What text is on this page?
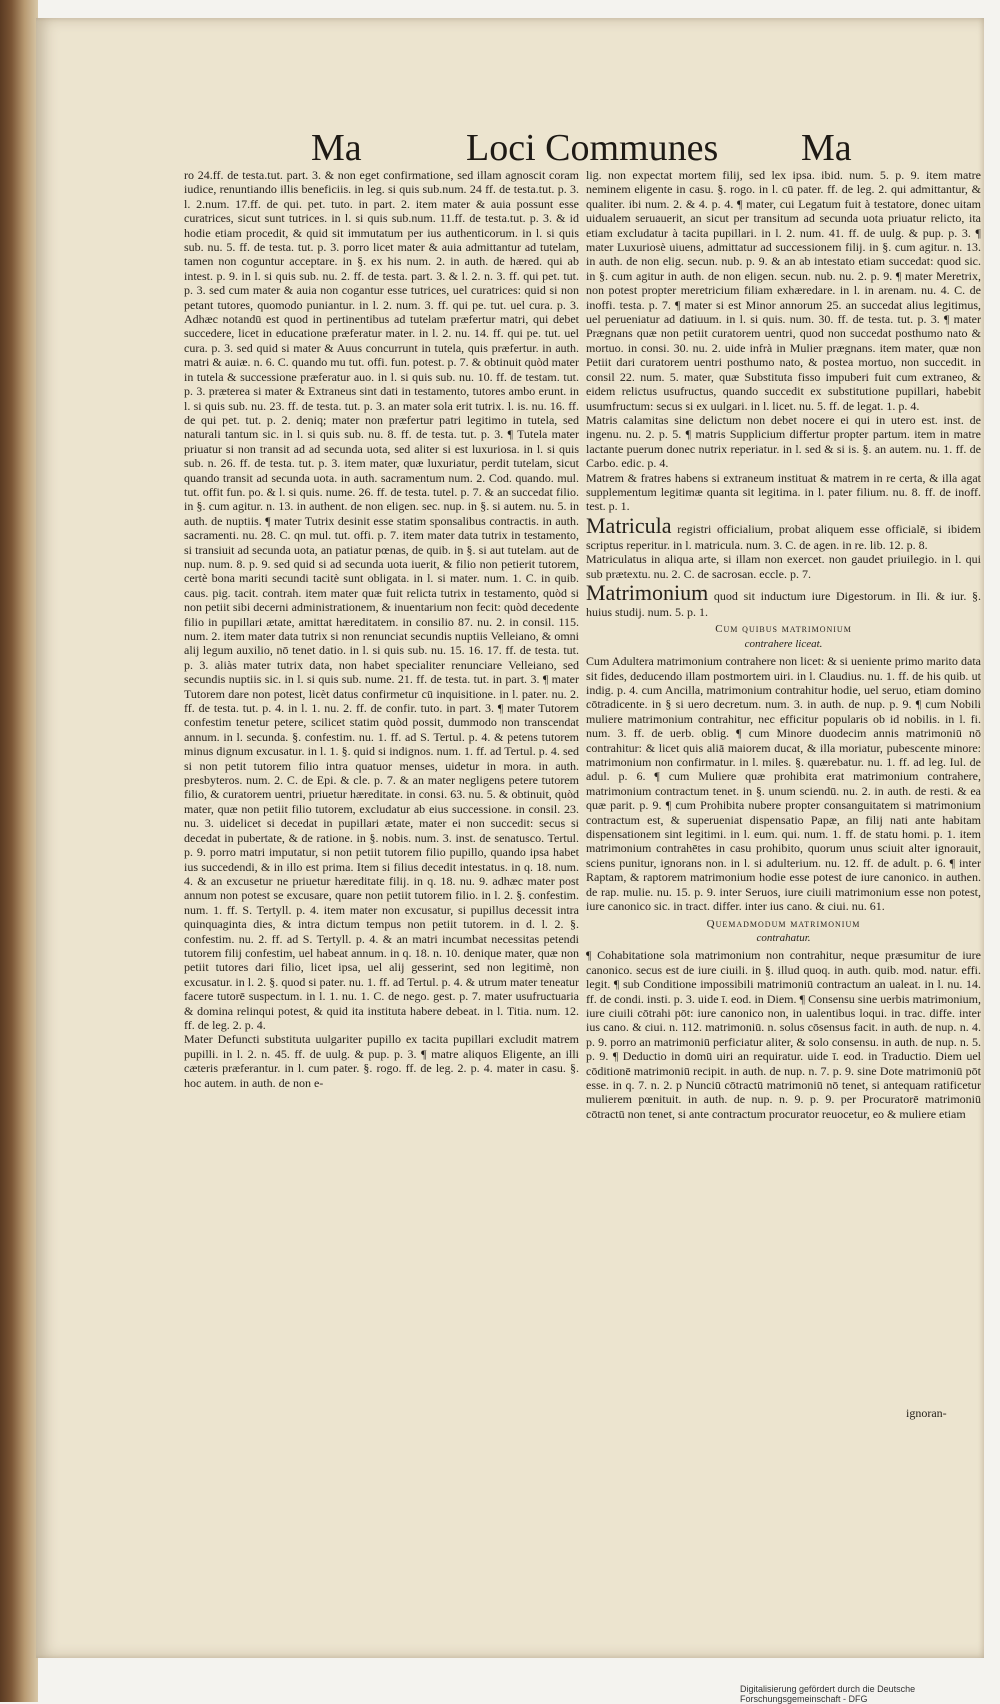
Ma	Loci Communes Ma

ro 24.ff. de testa.tut. part. 3. & non eget confirmatione, sed illam agnoscit coram iudice, renuntiando illis beneficiis. in leg. si quis sub.num. 24 ff. de testa.tut. p. 3. l. 2.num. 17.ff. de qui. pet. tuto. in part. 2. item mater & auia possunt esse curatrices, sicut sunt tutrices. in l. si quis sub.num. 11.ff. de testa.tut. p. 3. & id hodie etiam procedit, & quid sit immutatum per ius authenticorum. in l. si quis sub. nu. 5. ff. de testa. tut. p. 3. porro licet mater & auia admittantur ad tutelam, tamen non coguntur acceptare. in §. ex his num. 2. in auth. de hæred. qui ab intest. p. 9. in l. si quis sub. nu. 2. ff. de testa. part. 3. & l. 2. n. 3. ff. qui pet. tut. p. 3. sed cum mater & auia non cogantur esse tutrices, uel curatrices: quid si non petant tutores, quomodo puniantur. in l. 2. num. 3. ff. qui pe. tut. uel cura. p. 3. Adhæc notandū est quod in pertinentibus ad tutelam præfertur matri, qui debet succedere, licet in educatione præferatur mater. in l. 2. nu. 14. ff. qui pe. tut. uel cura. p. 3. sed quid si mater & Auus concurrunt in tutela, quis præfertur. in auth. matri & auiæ. n. 6. C. quando mu tut. offi. fun. potest. p. 7. & obtinuit quòd mater in tutela & successione præferatur auo. in l. si quis sub. nu. 10. ff. de testam. tut. p. 3. præterea si mater & Extraneus sint dati in testamento, tutores ambo erunt. in l. si quis sub. nu. 23. ff. de testa. tut. p. 3. an mater sola erit tutrix. l. is. nu. 16. ff. de qui pet. tut. p. 2. deniq; mater non præfertur patri legitimo in tutela, sed naturali tantum sic. in l. si quis sub. nu. 8. ff. de testa. tut. p. 3. ¶ Tutela mater priuatur si non transit ad ad secunda uota, sed aliter si est luxuriosa. in l. si quis sub. n. 26. ff. de testa. tut. p. 3. item mater, quæ luxuriatur, perdit tutelam, sicut quando transit ad secunda uota. in auth. sacramentum num. 2. Cod. quando. mul. tut. offit fun. po. & l. si quis. nume. 26. ff. de testa. tutel. p. 7. & an succedat filio. in §. cum agitur. n. 13. in authent. de non eligen. sec. nup. in §. si autem. nu. 5. in auth. de nuptiis. ¶ mater Tutrix desinit esse statim sponsalibus contractis. in auth. sacramenti. nu. 28. C. qn mul. tut. offi. p. 7. item mater data tutrix in testamento, si transiuit ad secunda uota, an patiatur pœnas, de quib. in §. si aut tutelam. aut de nup. num. 8. p. 9. sed quid si ad secunda uota iuerit, & filio non petierit tutorem, certè bona mariti secundi tacitè sunt obligata. in l. si mater. num. 1. C. in quib. caus. pig. tacit. contrah. item mater quæ fuit relicta tutrix in testamento, quòd si non petiit sibi decerni administrationem, & inuentarium non fecit: quòd decedente filio in pupillari ætate, amittat hæreditatem. in consilio 87. nu. 2. in consil. 115. num. 2. item mater data tutrix si non renunciat secundis nuptiis Velleiano, & omni alij legum auxilio, nō tenet datio. in l. si quis sub. nu. 15. 16. 17. ff. de testa. tut. p. 3. aliàs mater tutrix data, non habet specialiter renunciare Velleiano, sed secundis nuptiis sic. in l. si quis sub. nume. 21. ff. de testa. tut. in part. 3. ¶ mater Tutorem dare non potest, licèt datus confirmetur cū inquisitione. in l. pater. nu. 2. ff. de testa. tut. p. 4. in l. 1. nu. 2. ff. de confir. tuto. in part. 3. ¶ mater Tutorem confestim tenetur petere, scilicet statim quòd possit, dummodo non transcendat annum. in l. secunda. §. confestim. nu. 1. ff. ad S. Tertul. p. 4. & petens tutorem minus dignum excusatur. in l. 1. §. quid si indignos. num. 1. ff. ad Tertul. p. 4. sed si non petit tutorem filio intra quatuor menses, uidetur in mora. in auth. presbyteros. num. 2. C. de Epi. & cle. p. 7. & an mater negligens petere tutorem filio, & curatorem uentri, priuetur hæreditate. in consi. 63. nu. 5. & obtinuit, quòd mater, quæ non petiit filio tutorem, excludatur ab eius successione. in consil. 23. nu. 3. uidelicet si decedat in pupillari ætate, mater ei non succedit: secus si decedat in pubertate, & de ratione. in §. nobis. num. 3. inst. de senatusco. Tertul. p. 9. porro matri imputatur, si non petiit tutorem filio pupillo, quando ipsa habet ius succedendi, & in illo est prima. Item si filius decedit intestatus. in q. 18. num. 4. & an excusetur ne priuetur hæreditate filij. in q. 18. nu. 9. adhæc mater post annum non potest se excusare, quare non petiit tutorem filio. in l. 2. §. confestim. num. 1. ff. S. Tertyll. p. 4. item mater non excusatur, si pupillus decessit intra quinquaginta dies, & intra dictum tempus non petiit tutorem. in d. l. 2. §. confestim. nu. 2. ff. ad S. Tertyll. p. 4. & an matri incumbat necessitas petendi tutorem filij confestim, uel habeat annum. in q. 18. n. 10. denique mater, quæ non petiit tutores dari filio, licet ipsa, uel alij gesserint, sed non legitimè, non excusatur. in l. 2. §. quod si pater. nu. 1. ff. ad Tertul. p. 4. & utrum mater teneatur facere tutorē suspectum. in l. 1. nu. 1. C. de nego. gest. p. 7. mater usufructuaria & domina relinqui potest, & quid ita instituta habere debeat. in l. Titia. num. 12. ff. de leg. 2. p. 4.

Mater Defuncti substituta uulgariter pupillo ex tacita pupillari excludit matrem pupilli. in l. 2. n. 45. ff. de uulg. & pup. p. 3. ¶ matre aliquos Eligente, an illi cæteris præferantur. in l. cum pater. §. rogo. ff. de leg. 2. p. 4. mater in casu. §. hoc autem. in auth. de non e-

lig. non expectat mortem filij, sed lex ipsa. ibid. num. 5. p. 9. item matre neminem eligente in casu. §. rogo. in l. cū pater. ff. de leg. 2. qui admittantur, & qualiter. ibi num. 2. & 4. p. 4. ¶ mater, cui Legatum fuit à testatore, donec uitam uidualem seruauerit, an sicut per transitum ad secunda uota priuatur relicto, ita etiam excludatur à tacita pupillari. in l. 2. num. 41. ff. de uulg. & pup. p. 3. ¶ mater Luxuriosè uiuens, admittatur ad successionem filij. in §. cum agitur. n. 13. in auth. de non elig. secun. nub. p. 9. & an ab intestato etiam succedat: quod sic. in §. cum agitur in auth. de non eligen. secun. nub. nu. 2. p. 9. ¶ mater Meretrix, non potest propter meretricium filiam exhæredare. in l. in arenam. nu. 4. C. de inoffi. testa. p. 7. ¶ mater si est Minor annorum 25. an succedat alius legitimus, uel perueniatur ad datiuum. in l. si quis. num. 30. ff. de testa. tut. p. 3. ¶ mater Prægnans quæ non petiit curatorem uentri, quod non succedat posthumo nato & mortuo. in consi. 30. nu. 2. uide infrà in Mulier prægnans. item mater, quæ non Petiit dari curatorem uentri posthumo nato, & postea mortuo, non succedit. in consil 22. num. 5. mater, quæ Substituta fisso impuberi fuit cum extraneo, & eidem relictus usufructus, quando succedit ex substitutione pupillari, habebit usumfructum: secus si ex uulgari. in l. licet. nu. 5. ff. de legat. 1. p. 4.

Matris calamitas sine delictum non debet nocere ei qui in utero est. inst. de ingenu. nu. 2. p. 5. ¶ matris Supplicium differtur propter partum. item in matre lactante puerum donec nutrix reperiatur. in l. sed & si is. §. an autem. nu. 1. ff. de Carbo. edic. p. 4.

Matrem & fratres habens si extraneum instituat & matrem in re certa, & illa agat supplementum legitimæ quanta sit legitima. in l. pater filium. nu. 8. ff. de inoff. test. p. 1.

Matricula registri officialium, probat aliquem esse officialē, si ibidem scriptus reperitur. in l. matricula. num. 3. C. de agen. in re. lib. 12. p. 8.

Matriculatus in aliqua arte, si illam non exercet. non gaudet priuilegio. in l. qui sub prætextu. nu. 2. C. de sacrosan. eccle. p. 7.

Matrimonium quod sit inductum iure Digestorum. in Ili. & iur. §. huius studij. num. 5. p. 1.

Cum quibus matrimonium

contrahere liceat.

Cum Adultera matrimonium contrahere non licet: & si ueniente primo marito data sit fides, deducendo illam postmortem uiri. in l. Claudius. nu. 1. ff. de his quib. ut indig. p. 4. cum Ancilla, matrimonium contrahitur hodie, uel seruo, etiam domino cōtradicente. in § si uero decretum. num. 3. in auth. de nup. p. 9. ¶ cum Nobili muliere matrimonium contrahitur, nec efficitur popularis ob id nobilis. in l. fi. num. 3. ff. de uerb. oblig. ¶ cum Minore duodecim annis matrimoniū nō contrahitur: & licet quis aliā maiorem ducat, & illa moriatur, pubescente minore: matrimonium non confirmatur. in l. miles. §. quærebatur. nu. 1. ff. ad leg. Iul. de adul. p. 6. ¶ cum Muliere quæ prohibita erat matrimonium contrahere, matrimonium contractum tenet. in §. unum sciendū. nu. 2. in auth. de resti. & ea quæ parit. p. 9. ¶ cum Prohibita nubere propter consanguitatem si matrimonium contractum est, & superueniat dispensatio Papæ, an filij nati ante habitam dispensationem sint legitimi. in l. eum. qui. num. 1. ff. de statu homi. p. 1. item matrimonium contrahētes in casu prohibito, quorum unus sciuit alter ignorauit, sciens punitur, ignorans non. in l. si adulterium. nu. 12. ff. de adult. p. 6. ¶ inter Raptam, & raptorem matrimonium hodie esse potest de iure canonico. in authen. de rap. mulie. nu. 15. p. 9. inter Seruos, iure ciuili matrimonium esse non potest, iure canonico sic. in tract. differ. inter ius cano. & ciui. nu. 61.

Quemadmodum matrimonium

contrahatur.

¶ Cohabitatione sola matrimonium non contrahitur, neque præsumitur de iure canonico. secus est de iure ciuili. in §. illud quoq. in auth. quib. mod. natur. effi. legit. ¶ sub Conditione impossibili matrimoniū contractum an ualeat. in l. nu. 14. ff. de condi. insti. p. 3. uide ī. eod. in Diem. ¶ Consensu sine uerbis matrimonium, iure ciuili cōtrahi pōt: iure canonico non, in ualentibus loqui. in trac. diffe. inter ius cano. & ciui. n. 112. matrimoniū. n. solus cōsensus facit. in auth. de nup. n. 4. p. 9. porro an matrimoniū perficiatur aliter, & solo consensu. in auth. de nup. n. 5. p. 9. ¶ Deductio in domū uiri an requiratur. uide ī. eod. in Traductio. Diem uel cōditionē matrimoniū recipit. in auth. de nup. n. 7. p. 9. sine Dote matrimoniū pōt esse. in q. 7. n. 2. p Nunciū cōtractū matrimoniū nō tenet, si antequam ratificetur mulierem pœnituit. in auth. de nup. n. 9. p. 9. per Procuratorē matrimoniū cōtractū non tenet, si ante contractum procurator reuocetur, eo & muliere etiam

ignoran-
Digitalisierung gefördert durch die Deutsche Forschungsgemeinschaft - DFG
